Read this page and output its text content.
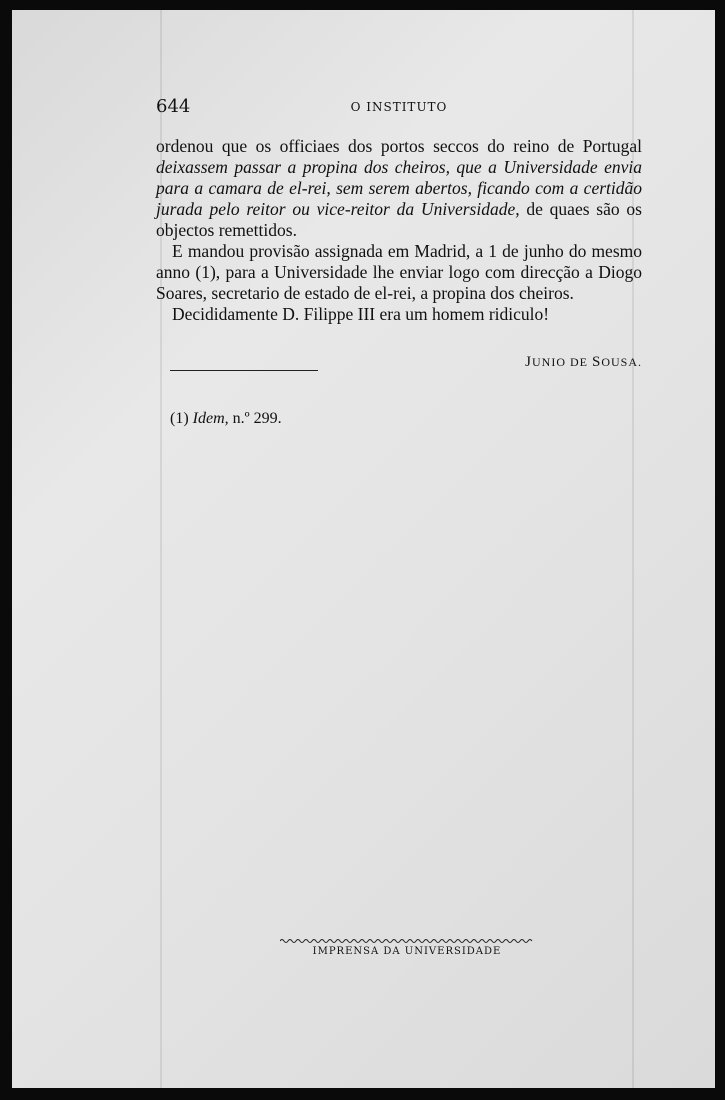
644	O INSTITUTO

ordenou que os officiaes dos portos seccos do reino de Portugal deixassem passar a propina dos cheiros, que a Universidade envia para a camara de el-rei, sem serem abertos, ficando com a certidão jurada pelo reitor ou vice-reitor da Universidade, de quaes são os objectos remettidos.

E mandou provisão assignada em Madrid, a 1 de junho do mesmo anno (1), para a Universidade lhe enviar logo com direcção a Diogo Soares, secretario de estado de el-rei, a propina dos cheiros.

Decididamente D. Filippe III era um homem ridiculo!

JUNIO DE SOUSA.
(1) Idem, n.º 299.
IMPRENSA DA UNIVERSIDADE
